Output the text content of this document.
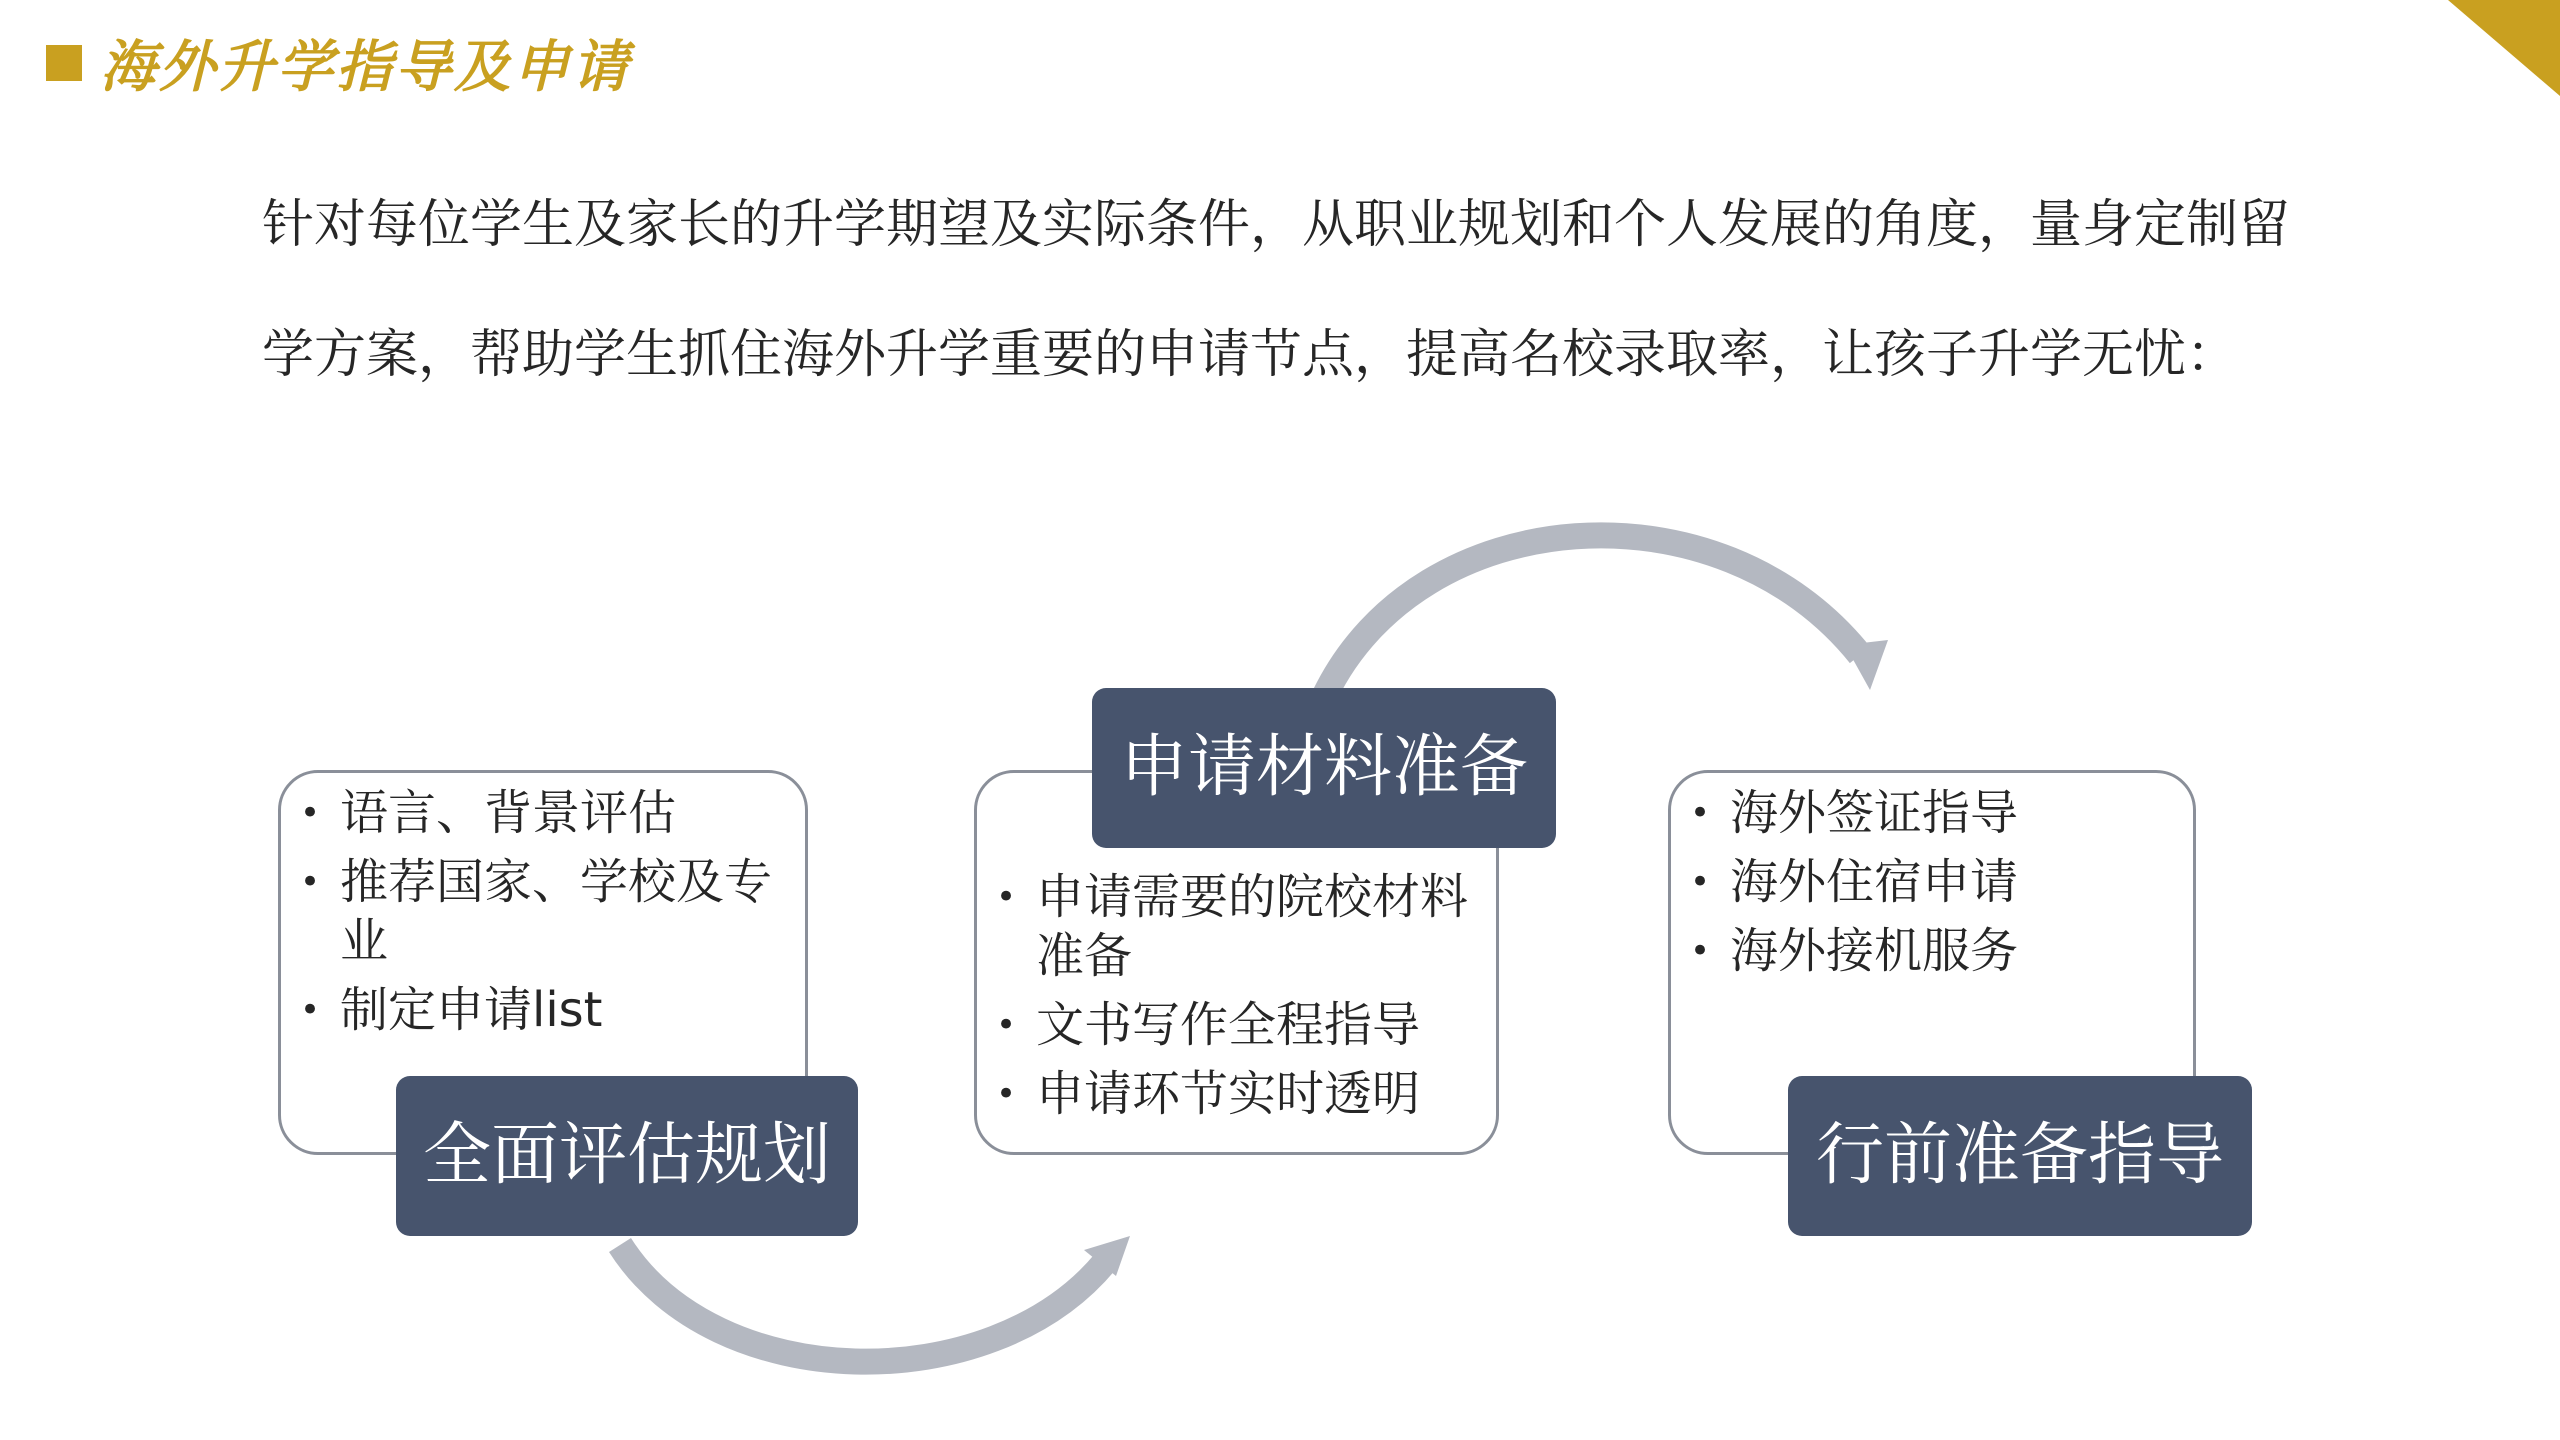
海外升学指导及申请

针对每位学生及家长的升学期望及实际条件，从职业规划和个人发展的角度，量身定制留学方案，帮助学生抓住海外升学重要的申请节点，提高名校录取率，让孩子升学无忧：

• 语言、背景评估
• 推荐国家、学校及专业
• 制定申请list
• 申请需要的院校材料准备
• 文书写作全程指导
• 申请环节实时透明
• 海外签证指导
• 海外住宿申请
• 海外接机服务
全面评估规划
申请材料准备
行前准备指导
